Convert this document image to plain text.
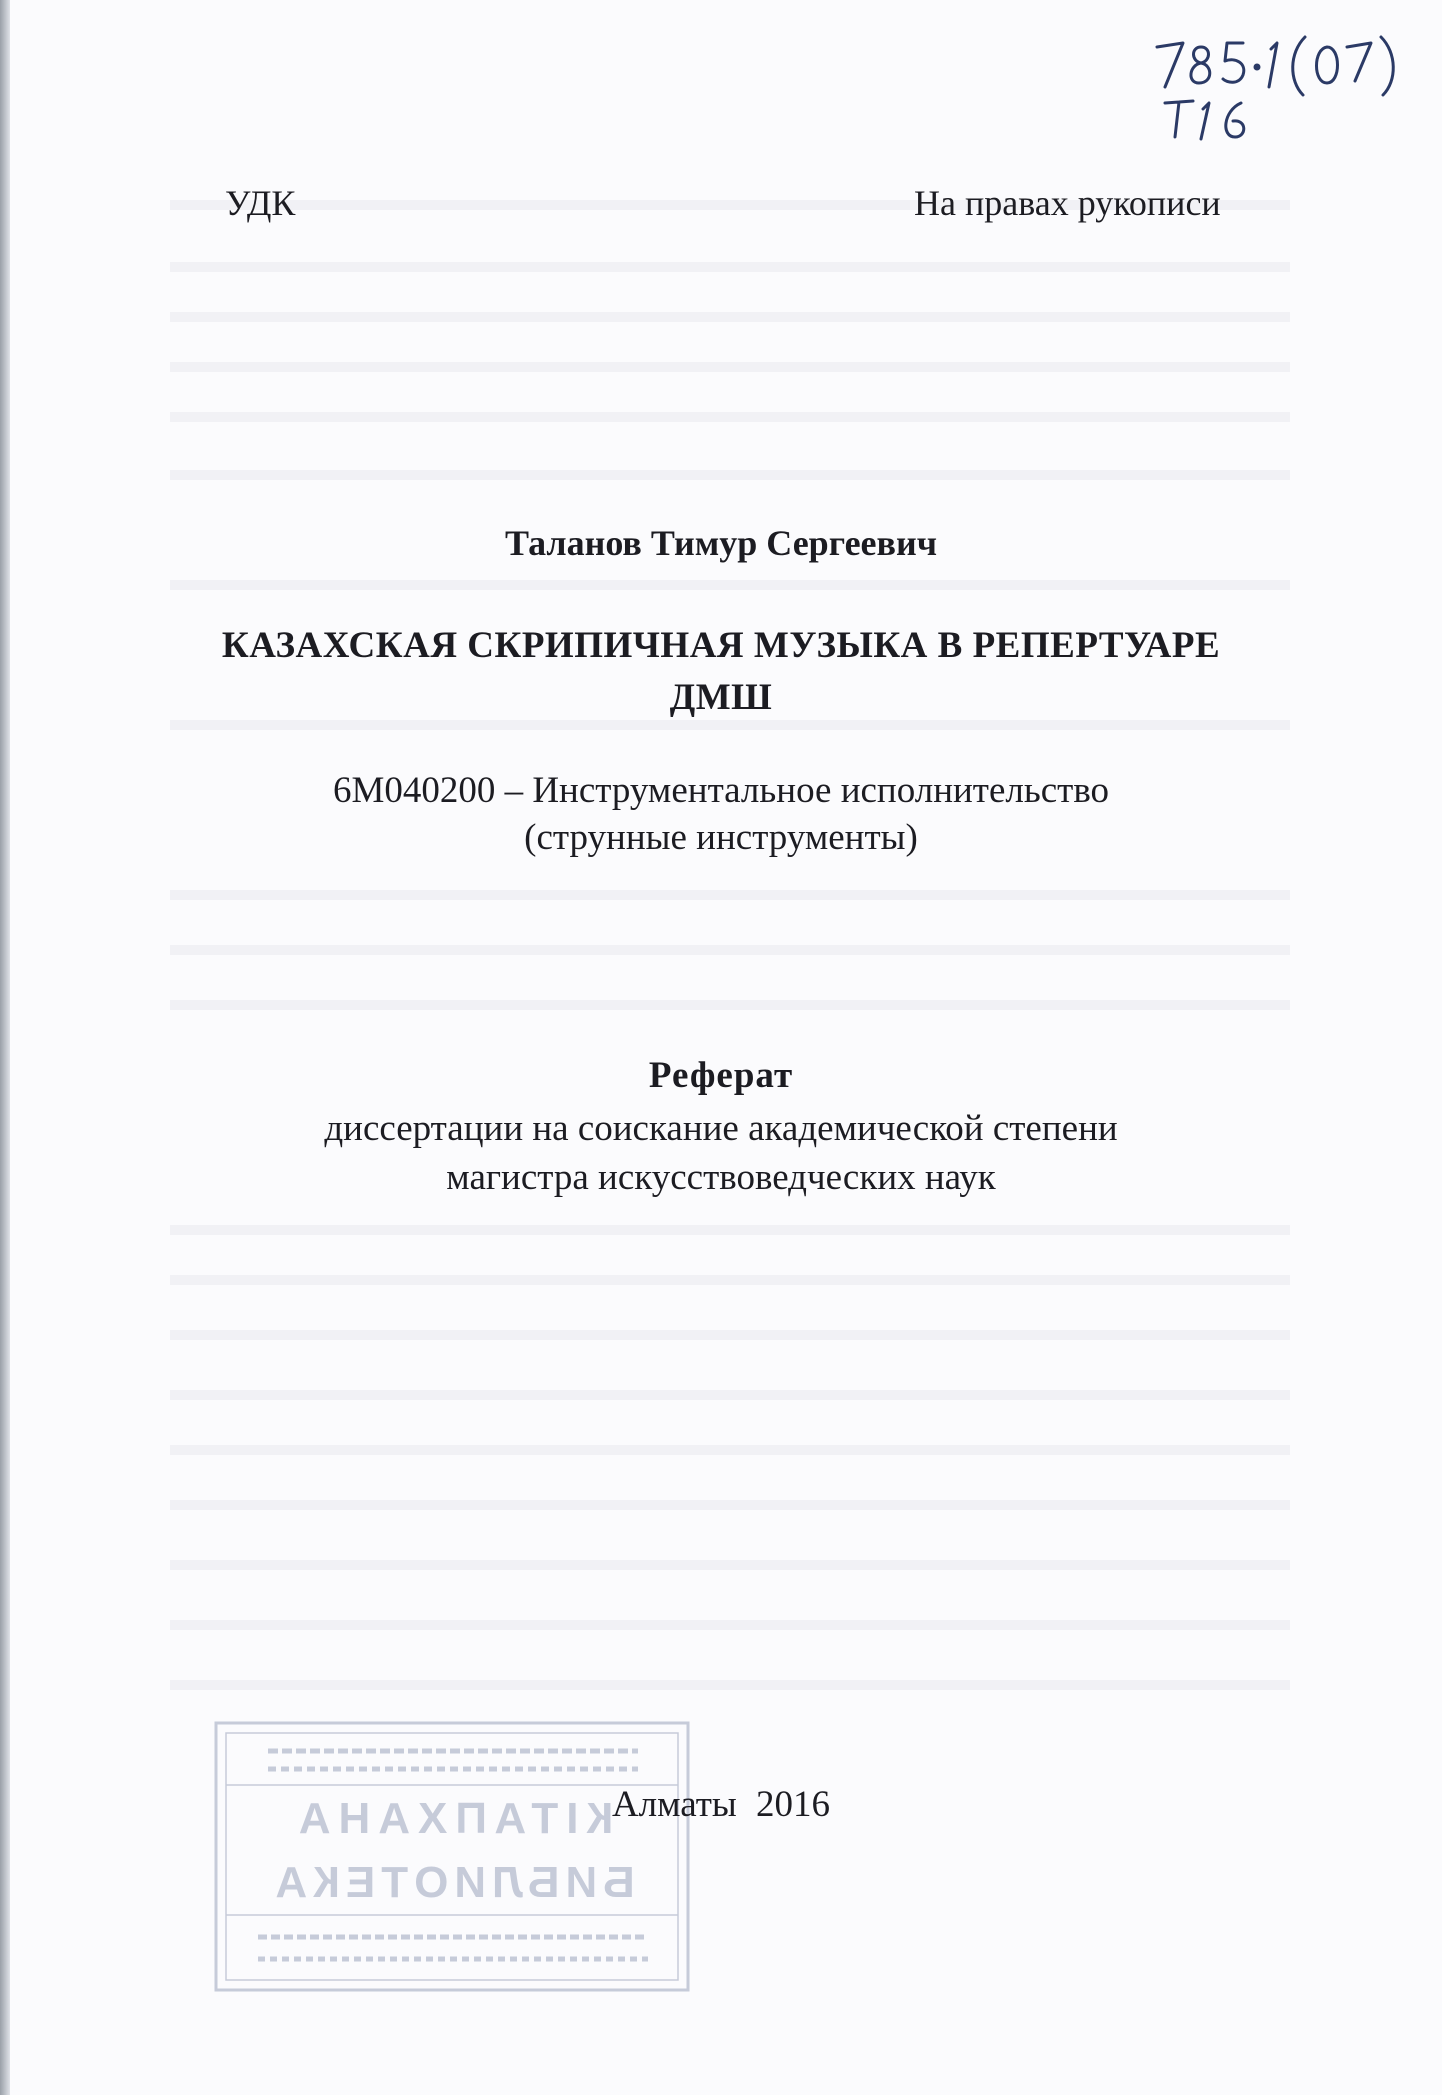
УДК	На правах рукописи
Таланов Тимур Сергеевич
КАЗАХСКАЯ СКРИПИЧНАЯ МУЗЫКА В РЕПЕРТУАРЕ
ДМШ
6М040200 – Инструментальное исполнительство
(струнные инструменты)
Реферат
диссертации на соискание академической степени
магистра искусствоведческих наук
КІТАПХАНА
БИБЛИОТЕКА
Алматы 2016
